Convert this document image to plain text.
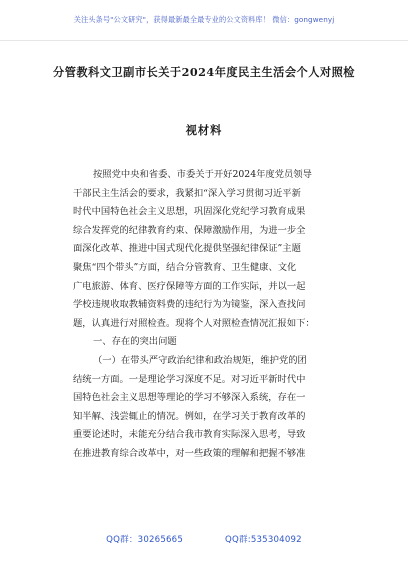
关注头条号"公文研究"，获得最新最全最专业的公文资料库！ 微信：gongwenyj
分管教科文卫副市长关于2024年度民主生活会个人对照检
视材料
按照党中央和省委、市委关于开好2024年度党员领导
干部民主生活会的要求，我紧扣“深入学习贯彻习近平新
时代中国特色社会主义思想，巩固深化党纪学习教育成果
综合发挥党的纪律教育约束、保障激励作用，为进一步全
面深化改革、推进中国式现代化提供坚强纪律保证”主题
聚焦“四个带头”方面，结合分管教育、卫生健康、文化
广电旅游、体育、医疗保障等方面的工作实际，并以一起
学校违规收取教辅资料费的违纪行为为镜鉴，深入查找问
题，认真进行对照检查。现将个人对照检查情况汇报如下：
一、存在的突出问题
（一）在带头严守政治纪律和政治规矩，维护党的团
结统一方面。一是理论学习深度不足。对习近平新时代中
国特色社会主义思想等理论的学习不够深入系统，存在一
知半解、浅尝辄止的情况。例如，在学习关于教育改革的
重要论述时，未能充分结合我市教育实际深入思考，导致
在推进教育综合改革中，对一些政策的理解和把握不够准
QQ群：30265665	QQ群:535304092
